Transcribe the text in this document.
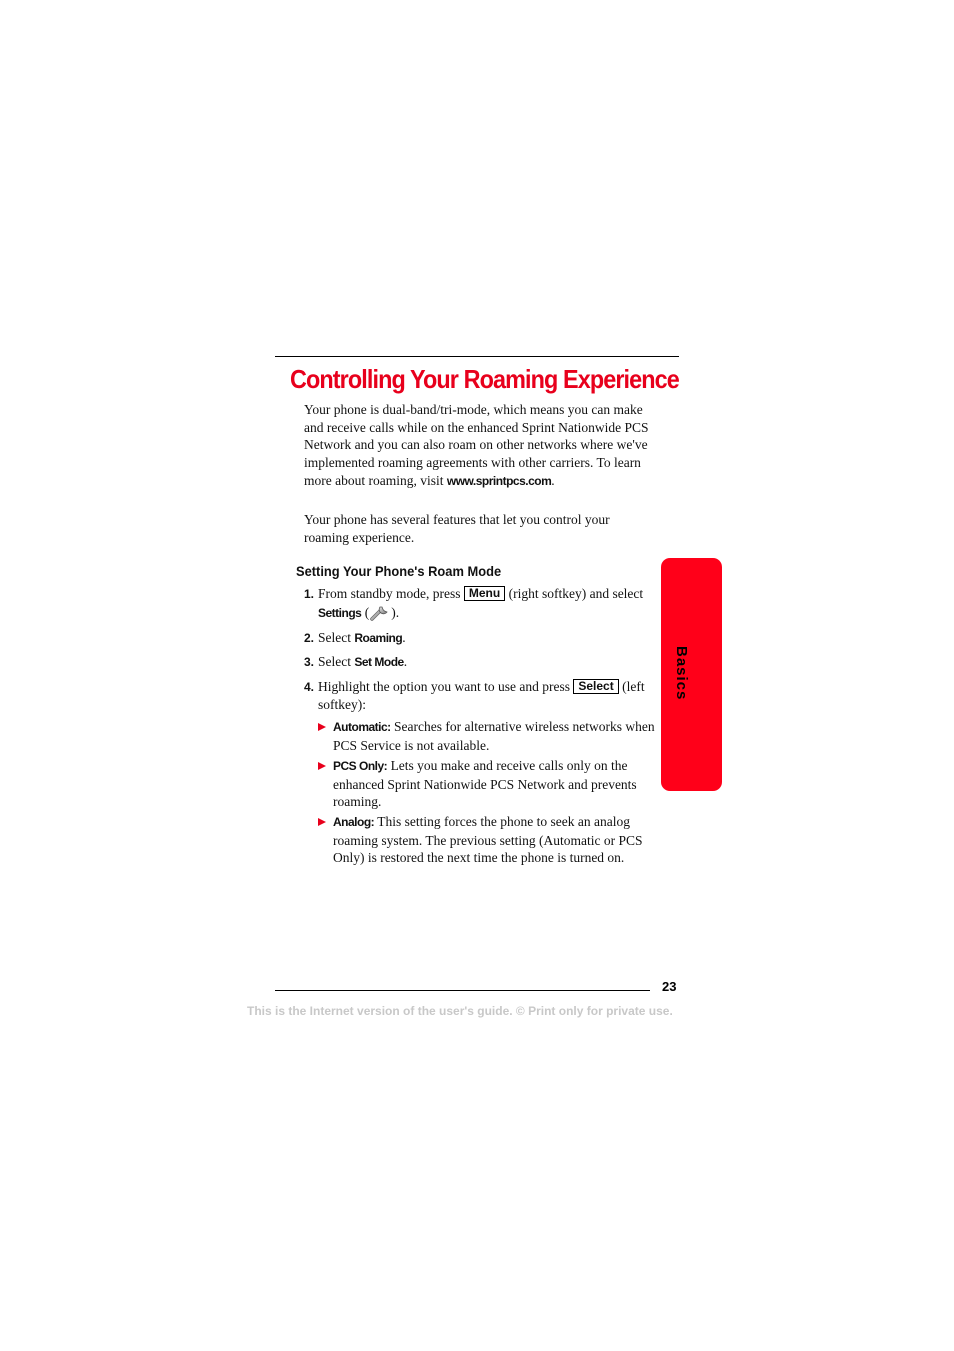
Controlling Your Roaming Experience

Your phone is dual-band/tri-mode, which means you can make and receive calls while on the enhanced Sprint Nationwide PCS Network and you can also roam on other networks where we've implemented roaming agreements with other carriers. To learn more about roaming, visit www.sprintpcs.com.

Your phone has several features that let you control your roaming experience.

Setting Your Phone's Roam Mode
1. From standby mode, press Menu (right softkey) and select Settings ( ).
2. Select Roaming.
3. Select Set Mode.
4. Highlight the option you want to use and press Select (left softkey):
Automatic: Searches for alternative wireless networks when PCS Service is not available.
PCS Only: Lets you make and receive calls only on the enhanced Sprint Nationwide PCS Network and prevents roaming.
Analog: This setting forces the phone to seek an analog roaming system. The previous setting (Automatic or PCS Only) is restored the next time the phone is turned on.
Basics
23
This is the Internet version of the user's guide. © Print only for private use.
